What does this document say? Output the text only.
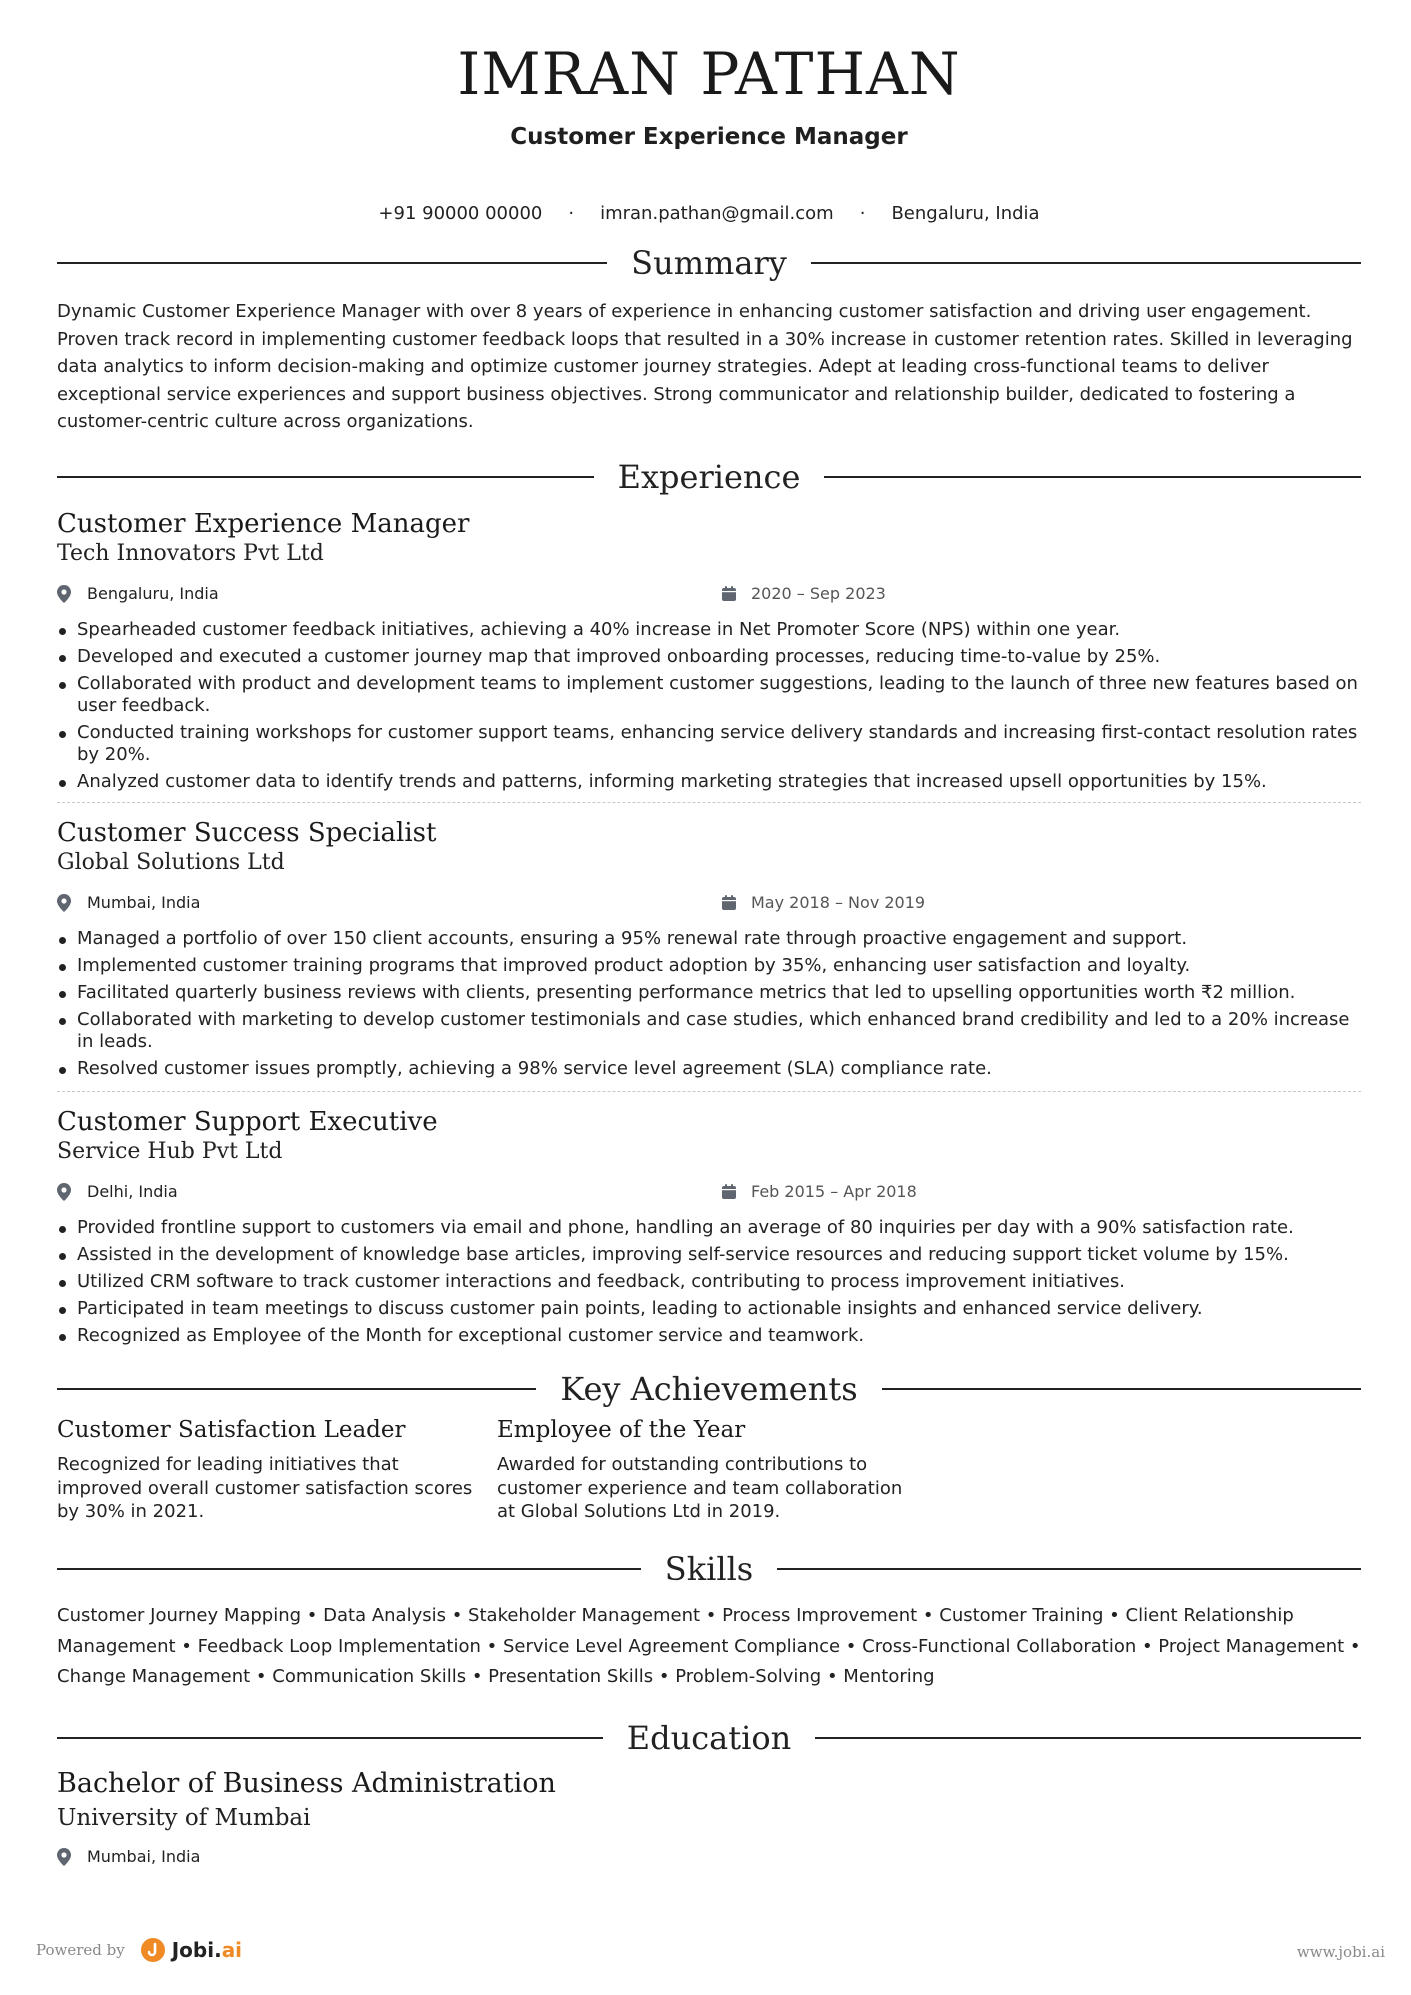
IMRAN PATHAN
Customer Experience Manager
+91 90000 00000 · imran.pathan@gmail.com · Bengaluru, India
Summary
Dynamic Customer Experience Manager with over 8 years of experience in enhancing customer satisfaction and driving user engagement. Proven track record in implementing customer feedback loops that resulted in a 30% increase in customer retention rates. Skilled in leveraging data analytics to inform decision-making and optimize customer journey strategies. Adept at leading cross-functional teams to deliver exceptional service experiences and support business objectives. Strong communicator and relationship builder, dedicated to fostering a customer-centric culture across organizations.
Experience
Customer Experience Manager
Tech Innovators Pvt Ltd
Bengaluru, India	2020 – Sep 2023
Spearheaded customer feedback initiatives, achieving a 40% increase in Net Promoter Score (NPS) within one year.
Developed and executed a customer journey map that improved onboarding processes, reducing time-to-value by 25%.
Collaborated with product and development teams to implement customer suggestions, leading to the launch of three new features based on user feedback.
Conducted training workshops for customer support teams, enhancing service delivery standards and increasing first-contact resolution rates by 20%.
Analyzed customer data to identify trends and patterns, informing marketing strategies that increased upsell opportunities by 15%.
Customer Success Specialist
Global Solutions Ltd
Mumbai, India	May 2018 – Nov 2019
Managed a portfolio of over 150 client accounts, ensuring a 95% renewal rate through proactive engagement and support.
Implemented customer training programs that improved product adoption by 35%, enhancing user satisfaction and loyalty.
Facilitated quarterly business reviews with clients, presenting performance metrics that led to upselling opportunities worth ₹2 million.
Collaborated with marketing to develop customer testimonials and case studies, which enhanced brand credibility and led to a 20% increase in leads.
Resolved customer issues promptly, achieving a 98% service level agreement (SLA) compliance rate.
Customer Support Executive
Service Hub Pvt Ltd
Delhi, India	Feb 2015 – Apr 2018
Provided frontline support to customers via email and phone, handling an average of 80 inquiries per day with a 90% satisfaction rate.
Assisted in the development of knowledge base articles, improving self-service resources and reducing support ticket volume by 15%.
Utilized CRM software to track customer interactions and feedback, contributing to process improvement initiatives.
Participated in team meetings to discuss customer pain points, leading to actionable insights and enhanced service delivery.
Recognized as Employee of the Month for exceptional customer service and teamwork.
Key Achievements
Customer Satisfaction Leader
Recognized for leading initiatives that improved overall customer satisfaction scores by 30% in 2021.
Employee of the Year
Awarded for outstanding contributions to customer experience and team collaboration at Global Solutions Ltd in 2019.
Skills
Customer Journey Mapping • Data Analysis • Stakeholder Management • Process Improvement • Customer Training • Client Relationship Management • Feedback Loop Implementation • Service Level Agreement Compliance • Cross-Functional Collaboration • Project Management • Change Management • Communication Skills • Presentation Skills • Problem-Solving • Mentoring
Education
Bachelor of Business Administration
University of Mumbai
Mumbai, India
Powered by Jobi.ai	www.jobi.ai
